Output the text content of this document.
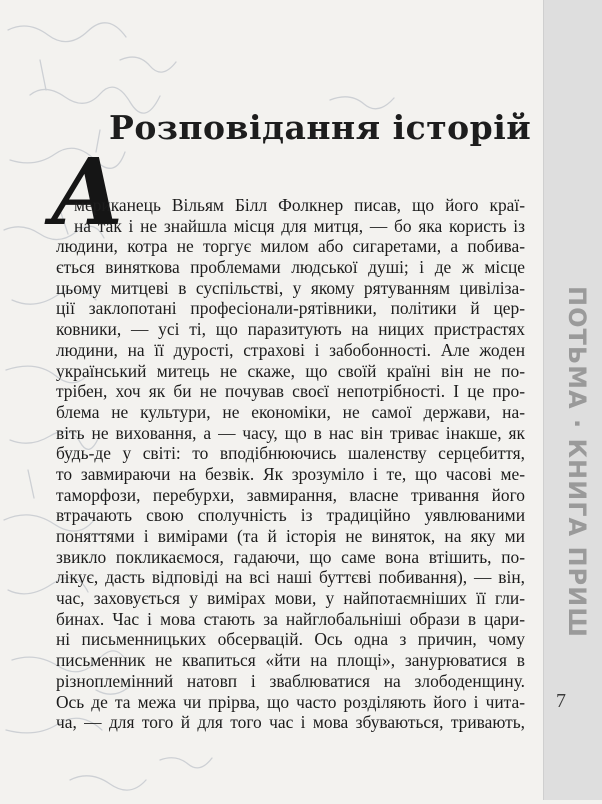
Розповідання історій
А
мериканець Вільям Білл Фолкнер писав, що його краї-
на так і не знайшла місця для митця, — бо яка користь із
людини, котра не торгує милом або сигаретами, а побива-
ється виняткова проблемами людської душі; і де ж місце
цьому митцеві в суспільстві, у якому рятуванням цивіліза-
ції заклопотані професіонали-рятівники, політики й цер-
ковники, — усі ті, що паразитують на ницих пристрастях
людини, на її дурості, страхові і забобонності. Але жоден
український митець не скаже, що своїй країні він не по-
трібен, хоч як би не почував своєї непотрібності. І це про-
блема не культури, не економіки, не самої держави, на-
віть не виховання, а — часу, що в нас він триває інакше, як
будь-де у світі: то вподібнюючись шаленству серцебиття,
то завмираючи на безвік. Як зрозуміло і те, що часові ме-
таморфози, перебурхи, завмирання, власне тривання його
втрачають свою сполучність із традиційно уявлюваними
поняттями і вимірами (та й історія не виняток, на яку ми
звикло покликаємося, гадаючи, що саме вона втішить, по-
лікує, дасть відповіді на всі наші буттєві побивання), — він,
час, заховується у вимірах мови, у найпотаємніших її гли-
бинах. Час і мова стають за найглобальніші образи в цари-
ні письменницьких обсервацій. Ось одна з причин, чому
письменник не квапиться «йти на площі», занурюватися в
різноплемінний натовп і зваблюватися на злободенщину.
Ось де та межа чи прірва, що часто розділяють його і чита-
ча, — для того й для того час і мова збуваються, тривають,
ПОТЬМА · КНИГА ПРИШ
7
